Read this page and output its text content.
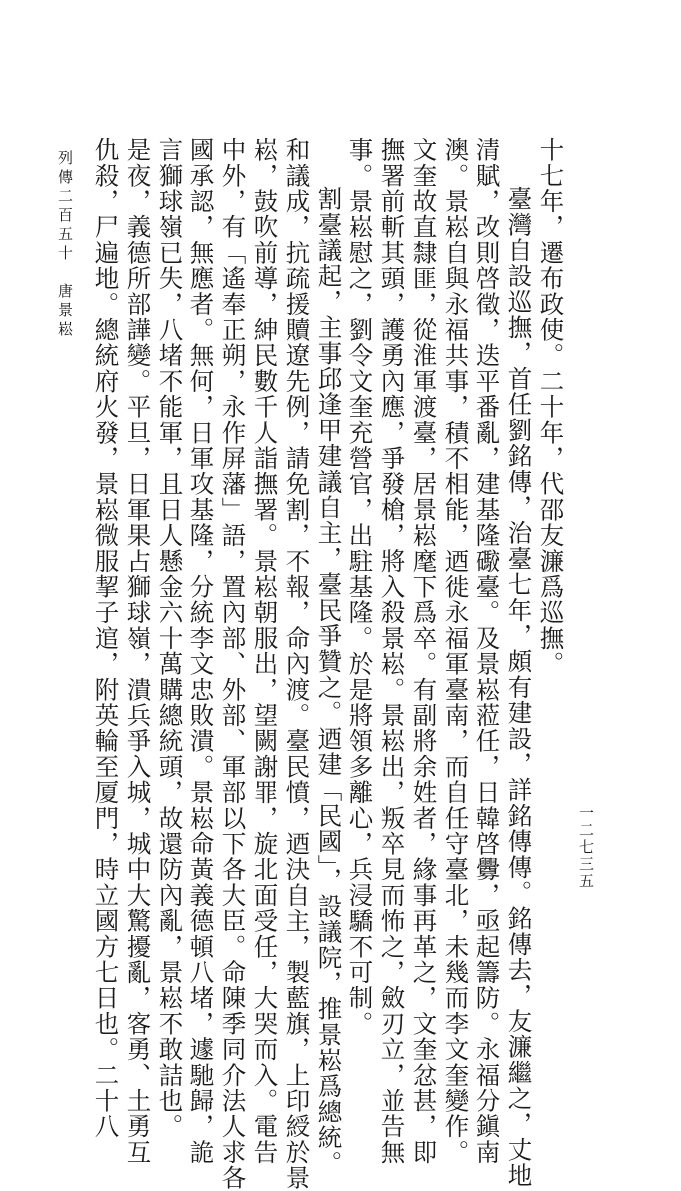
十七年，遷布政使。二十年，代邵友濂爲巡撫。
臺灣自設巡撫，首任劉銘傳，治臺七年，頗有建設，詳銘傳傳。銘傳去，友濂繼之，丈地
清賦，改則啓徵，迭平番亂，建基隆礮臺。及景崧蒞任，日韓啓釁，亟起籌防。永福分鎭南
澳。景崧自與永福共事，積不相能，迺徙永福軍臺南，而自任守臺北，未幾而李文奎變作。
文奎故直隸匪，從淮軍渡臺，居景崧麾下爲卒。有副將余姓者，緣事再革之，文奎忿甚，即
撫署前斬其頭，護勇內應，爭發槍，將入殺景崧。景崧出，叛卒見而怖之，斂刃立，並告無
事。景崧慰之，劉令文奎充營官，出駐基隆。於是將領多離心，兵浸驕不可制。
割臺議起，主事邱逢甲建議自主，臺民爭贊之。迺建「民國」，設議院，推景崧爲總統。
和議成，抗疏援贖遼先例，請免割，不報，命內渡。臺民憤，迺決自主，製藍旗，上印綬於景
崧，鼓吹前導，紳民數千人詣撫署。景崧朝服出，望闕謝罪，旋北面受任，大哭而入。電告
中外，有「遙奉正朔，永作屏藩」語，置內部、外部、軍部以下各大臣。命陳季同介法人求各
國承認，無應者。無何，日軍攻基隆，分統李文忠敗潰。景崧命黃義德頓八堵，遽馳歸，詭
言獅球嶺已失，八堵不能軍，且日人懸金六十萬購總統頭，故還防內亂，景崧不敢詰也。
是夜，義德所部譁變。平旦，日軍果占獅球嶺，潰兵爭入城，城中大驚擾亂，客勇、土勇互
仇殺，尸遍地。總統府火發，景崧微服挈子逭，附英輪至厦門，時立國方七日也。二十八
列傳二百五十　唐景崧
一二七三五
